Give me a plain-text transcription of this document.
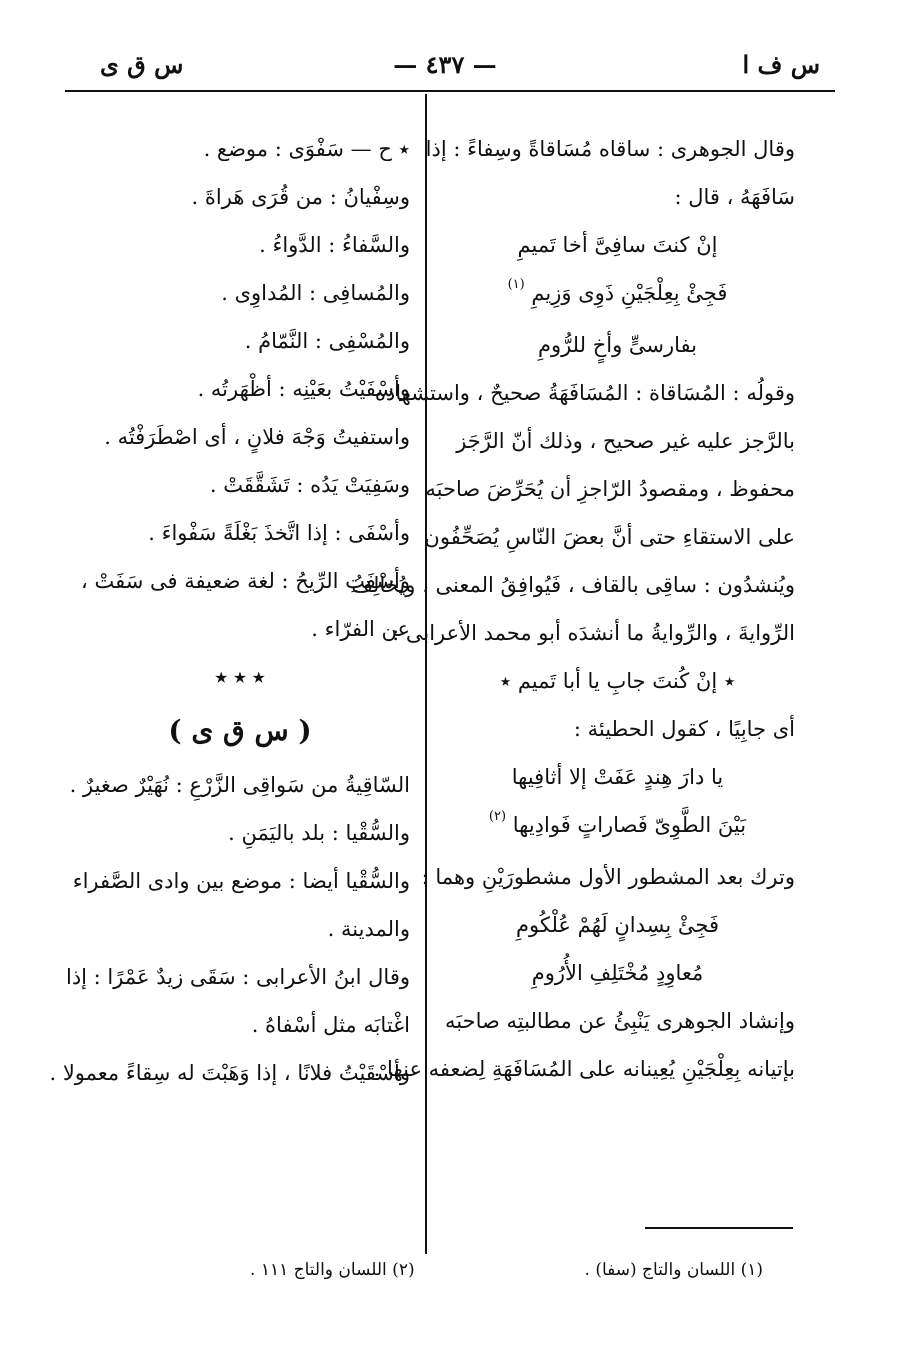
س ف ا
— ٤٣٧ —
س ق ى
وقال الجوهرى : ساقاه مُسَاقاةً وسِفاءً : إذا
سَافَهَهُ ، قال :
إنْ كنتَ سافِىَّ أخا تَميمِ
فَجِئْ بِعِلْجَيْنِ ذَوِى وَزِيمِ $^{(١)}$
بفارسىٍّ وأخٍ للرُّومِ
وقولُه : المُسَاقاة : المُسَافَهَةُ صحيحٌ ، واستشهاده
بالرَّجز عليه غير صحيح ، وذلك أنّ الرَّجَز
محفوظ ، ومقصودُ الرّاجزِ أن يُحَرِّضَ صاحبَه
على الاستقاءِ حتى أنَّ بعضَ النّاسِ يُصَحِّفُون
ويُنشدُون : ساقِى بالقاف ، فَيُوافِقُ المعنى ، ويُخالِفُ
الرِّوايةَ ، والرِّوايةُ ما أنشدَه أبو محمد الأعرابى :
٭ إنْ كُنتَ جابِ يا أبا تَميم ٭
أى جابِيًا ، كقول الحطيئة :
يا دارَ هِندٍ عَفَتْ إلا أثافِيها
بَيْنَ الطَّوِىّ فَصاراتٍ فَوادِيها $^{(٢)}$
وترك بعد المشطور الأول مشطورَيْنِ وهما :
فَجِئْ بِسِدانٍ لَهُمْ عُلْكُومِ
مُعاوِدٍ مُخْتَلِفِ الأُرُومِ
وإنشاد الجوهرى يَنْبِئُ عن مطالبتِه صاحبَه
بإتيانه بِعِلْجَيْنِ يُعِينانه على المُسَافَهَةِ لِضعفه عنها .
٭ ح — سَفْوَى : موضع .
وسِفْيانُ : من قُرَى هَراةَ .
والسَّفاءُ : الدَّواءُ .
والمُسافِى : المُداوِى .
والمُسْفِى : النَّمّامُ .
وأسْفَيْتُ بعَيْنِه : أظْهَرتُه .
واستفيتُ وَجْهَ فلانٍ ، أى اصْطَرَفْتُه .
وسَفِيَتْ يَدُه : تَشَقَّقَتْ .
وأسْفَى : إذا اتَّخذَ بَغْلَةً سَفْواءَ .
وأسْفَتِ الرِّيحُ : لغة ضعيفة فى سَفَتْ ،
عن الفرّاء .
٭ ٭ ٭
( س ق ى )
السّاقِيةُ من سَواقِى الزَّرْعِ : نُهَيْرٌ صغيرٌ .
والسُّقْيا : بلد باليَمَنِ .
والسُّقْيا أيضا : موضع بين وادى الصَّفراء
والمدينة .
وقال ابنُ الأعرابى : سَقَى زيدٌ عَمْرًا : إذا
اغْتابَه مثل أسْفاهُ .
وأسْقَيْتُ فلانًا ، إذا وَهَبْتَ له سِقاءً معمولا .
(١) اللسان والتاج (سفا) .
(٢) اللسان والتاج ١١١ .
